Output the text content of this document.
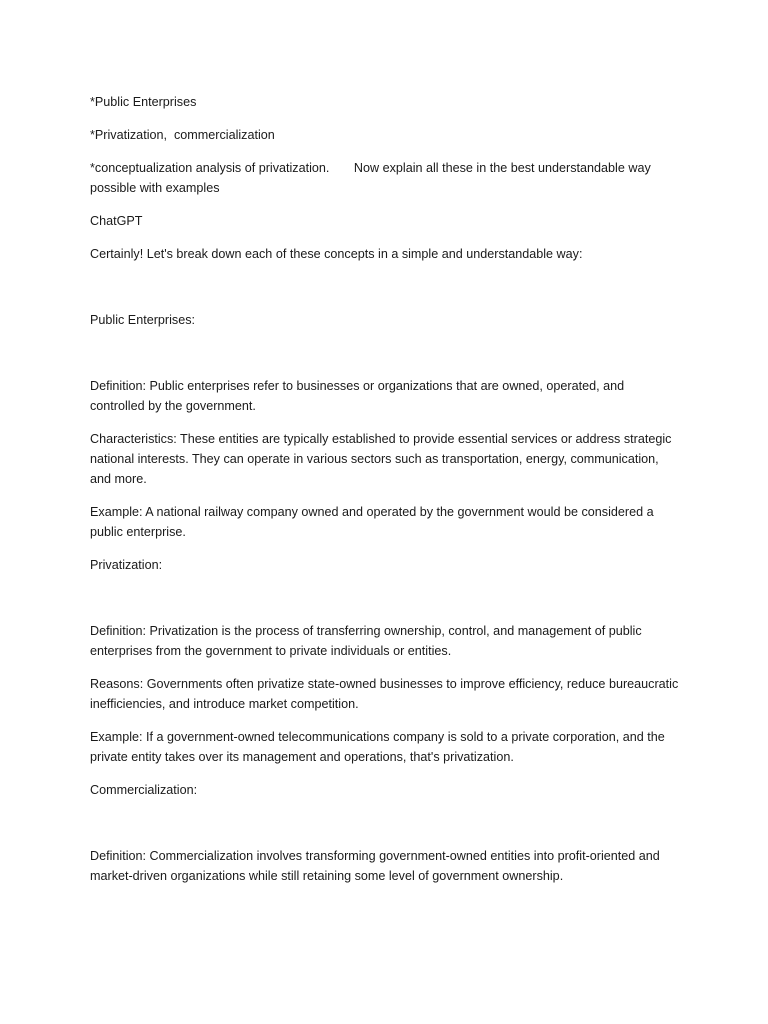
*Public Enterprises

*Privatization,  commercialization

*conceptualization analysis of privatization.       Now explain all these in the best understandable way possible with examples

ChatGPT

Certainly! Let's break down each of these concepts in a simple and understandable way:

Public Enterprises:

Definition: Public enterprises refer to businesses or organizations that are owned, operated, and controlled by the government.

Characteristics: These entities are typically established to provide essential services or address strategic national interests. They can operate in various sectors such as transportation, energy, communication, and more.

Example: A national railway company owned and operated by the government would be considered a public enterprise.

Privatization:

Definition: Privatization is the process of transferring ownership, control, and management of public enterprises from the government to private individuals or entities.

Reasons: Governments often privatize state-owned businesses to improve efficiency, reduce bureaucratic inefficiencies, and introduce market competition.

Example: If a government-owned telecommunications company is sold to a private corporation, and the private entity takes over its management and operations, that's privatization.

Commercialization:

Definition: Commercialization involves transforming government-owned entities into profit-oriented and market-driven organizations while still retaining some level of government ownership.
